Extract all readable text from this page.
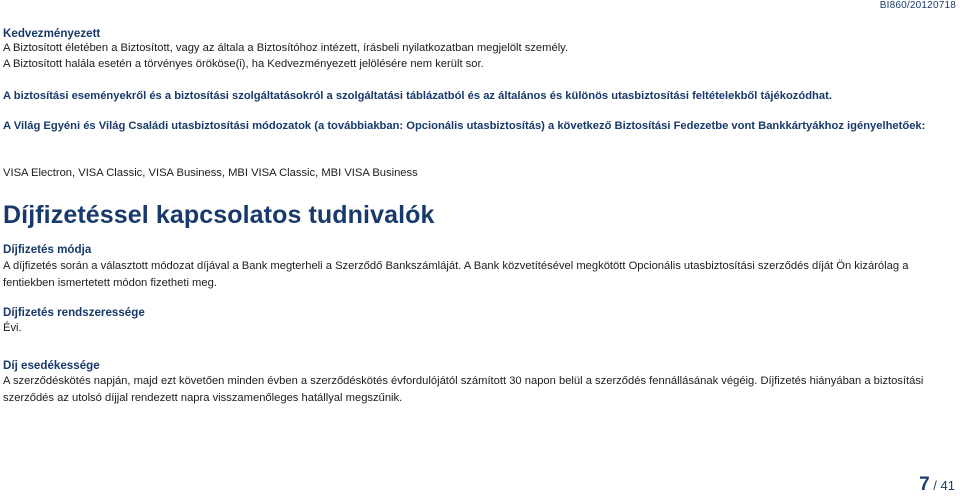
BI860/20120718
Kedvezményezett

A Biztosított életében a Biztosított, vagy az általa a Biztosítóhoz intézett, írásbeli nyilatkozatban megjelölt személy.

A Biztosított halála esetén a törvényes örököse(i), ha Kedvezményezett jelölésére nem került sor.

A biztosítási eseményekről és a biztosítási szolgáltatásokról a szolgáltatási táblázatból és az általános és különös utasbiztosítási feltételekből tájékozódhat.

A Világ Egyéni és Világ Családi utasbiztosítási módozatok (a továbbiakban: Opcionális utasbiztosítás) a következő Biztosítási Fedezetbe vont Bankkártyákhoz igényelhetőek:

VISA Electron, VISA Classic, VISA Business, MBI VISA Classic, MBI VISA Business

Díjfizetéssel kapcsolatos tudnivalók
Díjfizetés módja

A díjfizetés során a választott módozat díjával a Bank megterheli a Szerződő Bankszámláját. A Bank közvetítésével megkötött Opcionális utasbiztosítási szerződés díját Ön kizárólag a fentiekben ismertetett módon fizetheti meg.

Díjfizetés rendszeressége

Évi.

Díj esedékessége

A szerződéskötés napján, majd ezt követően minden évben a szerződéskötés évfordulójától számított 30 napon belül a szerződés fennállásának végéig. Díjfizetés hiányában a biztosítási szerződés az utolsó díjjal rendezett napra visszamenőleges hatállyal megszűnik.

7 / 41
